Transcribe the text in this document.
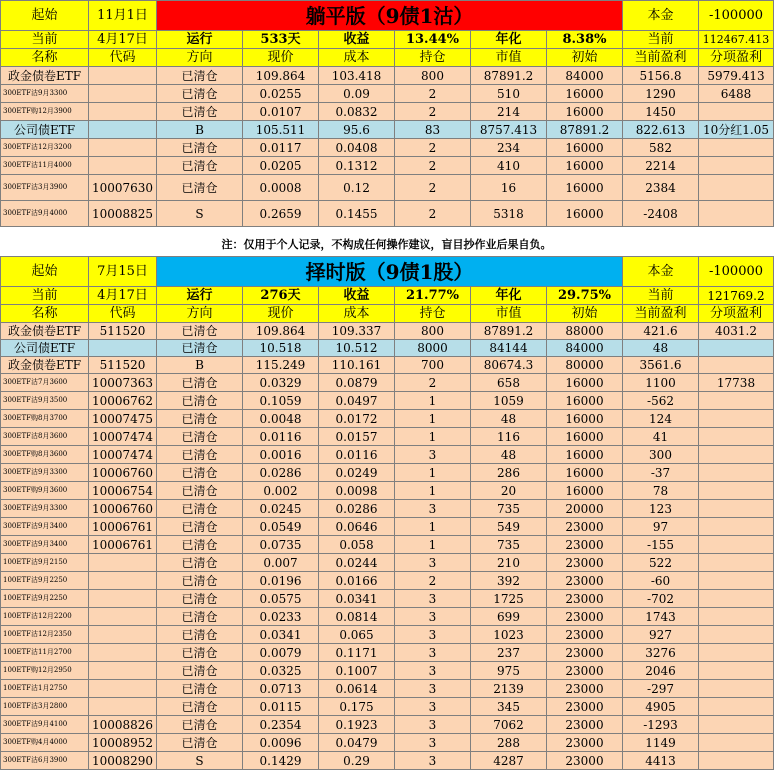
起始	11月1日	躺平版（9债1沽）						本金	-100000
当前	4月17日	运行	533天	收益	13.44%	年化	8.38%	当前	112467.413
名称	代码	方向	现价	成本	持仓	市值	初始	当前盈利	分项盈利
政金债卷ETF		已清仓	109.864	103.418	800	87891.2	84000	5156.8	5979.413
300ETF沽9月3300		已清仓	0.0255	0.09	2	510	16000	1290	6488
300ETF购12月3900		已清仓	0.0107	0.0832	2	214	16000	1450	
公司债ETF		B	105.511	95.6	83	8757.413	87891.2	822.613	10分红1.05
300ETF沽12月3200		已清仓	0.0117	0.0408	2	234	16000	582	
300ETF沽11月4000		已清仓	0.0205	0.1312	2	410	16000	2214	
300ETF沽3月3900	10007630	已清仓	0.0008	0.12	2	16	16000	2384	
300ETF沽9月4000	10008825	S	0.2659	0.1455	2	5318	16000	-2408	
注：仅用于个人记录，不构成任何操作建议，盲目抄作业后果自负。
起始	7月15日	择时版（9债1股）						本金	-100000
当前	4月17日	运行	276天	收益	21.77%	年化	29.75%	当前	121769.2
名称	代码	方向	现价	成本	持仓	市值	初始	当前盈利	分项盈利
政金债卷ETF	511520	已清仓	109.864	109.337	800	87891.2	88000	421.6	4031.2
公司债ETF		已清仓	10.518	10.512	8000	84144	84000	48	
政金债卷ETF	511520	B	115.249	110.161	700	80674.3	80000	3561.6	
300ETF沽7月3600	10007363	已清仓	0.0329	0.0879	2	658	16000	1100	17738
300ETF沽9月3500	10006762	已清仓	0.1059	0.0497	1	1059	16000	-562	
300ETF购8月3700	10007475	已清仓	0.0048	0.0172	1	48	16000	124	
300ETF沽8月3600	10007474	已清仓	0.0116	0.0157	1	116	16000	41	
300ETF购8月3600	10007474	已清仓	0.0016	0.0116	3	48	16000	300	
300ETF沽9月3300	10006760	已清仓	0.0286	0.0249	1	286	16000	-37	
300ETF购9月3600	10006754	已清仓	0.002	0.0098	1	20	16000	78	
300ETF沽9月3300	10006760	已清仓	0.0245	0.0286	3	735	20000	123	
300ETF沽9月3400	10006761	已清仓	0.0549	0.0646	1	549	23000	97	
300ETF沽9月3400	10006761	已清仓	0.0735	0.058	1	735	23000	-155	
100ETF沽9月2150		已清仓	0.007	0.0244	3	210	23000	522	
100ETF沽9月2250		已清仓	0.0196	0.0166	2	392	23000	-60	
100ETF沽9月2250		已清仓	0.0575	0.0341	3	1725	23000	-702	
100ETF沽12月2200		已清仓	0.0233	0.0814	3	699	23000	1743	
100ETF沽12月2350		已清仓	0.0341	0.065	3	1023	23000	927	
100ETF沽11月2700		已清仓	0.0079	0.1171	3	237	23000	3276	
100ETF购12月2950		已清仓	0.0325	0.1007	3	975	23000	2046	
100ETF沽1月2750		已清仓	0.0713	0.0614	3	2139	23000	-297	
100ETF沽3月2800		已清仓	0.0115	0.175	3	345	23000	4905	
300ETF沽9月4100	10008826	已清仓	0.2354	0.1923	3	7062	23000	-1293	
300ETF购4月4000	10008952	已清仓	0.0096	0.0479	3	288	23000	1149	
300ETF沽6月3900	10008290	S	0.1429	0.29	3	4287	23000	4413	
